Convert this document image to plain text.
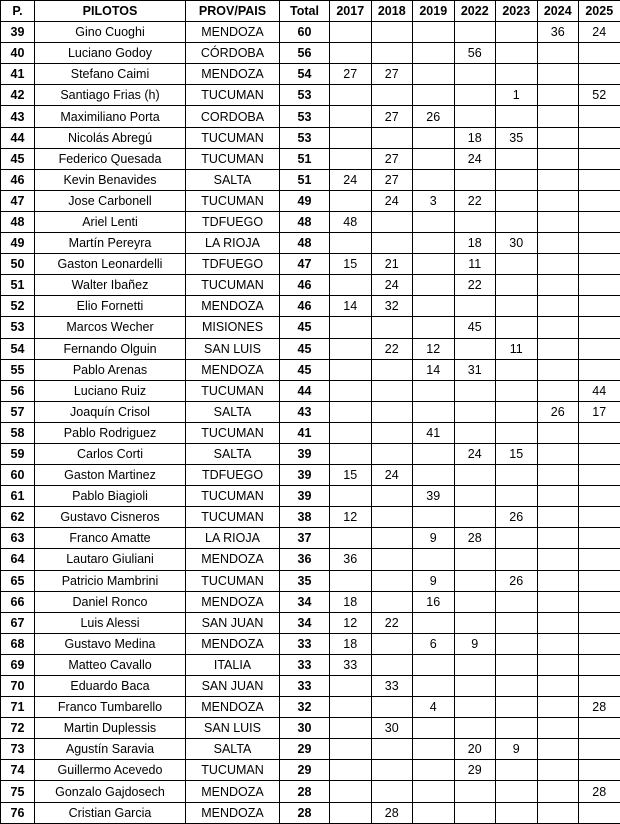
P.	PILOTOS	PROV/PAIS	Total	2017	2018	2019	2022	2023	2024	2025
39	Gino Cuoghi	MENDOZA	60						36	24
40	Luciano Godoy	CÓRDOBA	56				56			
41	Stefano Caimi	MENDOZA	54	27	27					
42	Santiago Frias (h)	TUCUMAN	53					1		52
43	Maximiliano Porta	CORDOBA	53		27	26				
44	Nicolás Abregú	TUCUMAN	53				18	35		
45	Federico Quesada	TUCUMAN	51		27		24			
46	Kevin Benavides	SALTA	51	24	27					
47	Jose Carbonell	TUCUMAN	49		24	3	22			
48	Ariel Lenti	TDFUEGO	48	48						
49	Martín Pereyra	LA RIOJA	48				18	30		
50	Gaston Leonardelli	TDFUEGO	47	15	21		11			
51	Walter Ibañez	TUCUMAN	46		24		22			
52	Elio Fornetti	MENDOZA	46	14	32					
53	Marcos Wecher	MISIONES	45				45			
54	Fernando Olguin	SAN LUIS	45		22	12		11		
55	Pablo Arenas	MENDOZA	45			14	31			
56	Luciano Ruiz	TUCUMAN	44							44
57	Joaquín Crisol	SALTA	43						26	17
58	Pablo Rodriguez	TUCUMAN	41			41				
59	Carlos Corti	SALTA	39				24	15		
60	Gaston Martinez	TDFUEGO	39	15	24					
61	Pablo Biagioli	TUCUMAN	39			39				
62	Gustavo Cisneros	TUCUMAN	38	12				26		
63	Franco Amatte	LA RIOJA	37			9	28			
64	Lautaro Giuliani	MENDOZA	36	36						
65	Patricio Mambrini	TUCUMAN	35			9		26		
66	Daniel Ronco	MENDOZA	34	18		16				
67	Luis Alessi	SAN JUAN	34	12	22					
68	Gustavo Medina	MENDOZA	33	18		6	9			
69	Matteo Cavallo	ITALIA	33	33						
70	Eduardo Baca	SAN JUAN	33		33					
71	Franco Tumbarello	MENDOZA	32			4				28
72	Martin Duplessis	SAN LUIS	30		30					
73	Agustín Saravia	SALTA	29				20	9		
74	Guillermo Acevedo	TUCUMAN	29				29			
75	Gonzalo Gajdosech	MENDOZA	28							28
76	Cristian Garcia	MENDOZA	28		28					
